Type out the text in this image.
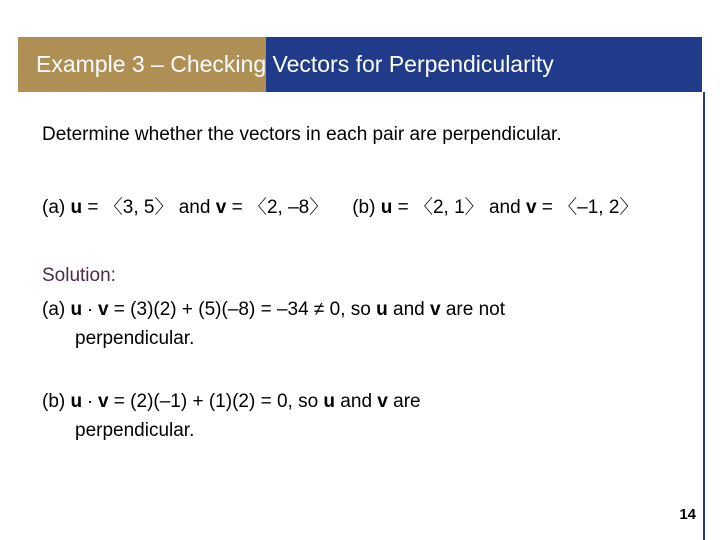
Example 3 – Checking Vectors for Perpendicularity
Determine whether the vectors in each pair are perpendicular.
(a) u = 〈3, 5〉 and v = 〈2, –8〉 (b) u = 〈2, 1〉 and v = 〈–1, 2〉
Solution:
(a) u ∙ v = (3)(2) + (5)(–8) = –34 ≠ 0, so u and v are not
perpendicular.
(b) u ∙ v = (2)(–1) + (1)(2) = 0, so u and v are
perpendicular.
14
